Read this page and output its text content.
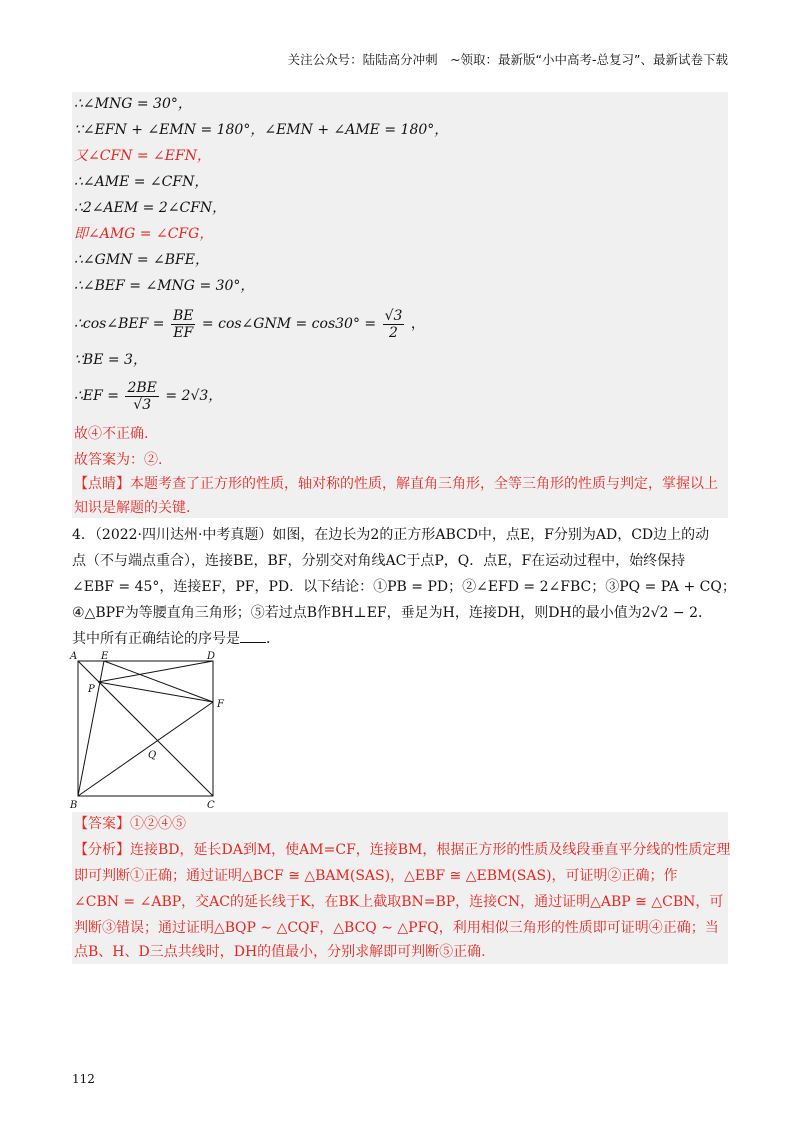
关注公众号：陆陆高分冲刺　~领取：最新版“小中高考-总复习”、最新试卷下载
∴∠MNG = 30°，
∵∠EFN + ∠EMN = 180°，∠EMN + ∠AME = 180°，
又∠CFN = ∠EFN，
∴∠AME = ∠CFN，
∴2∠AEM = 2∠CFN，
即∠AMG = ∠CFG，
∴∠GMN = ∠BFE，
∴∠BEF = ∠MNG = 30°，
∴cos∠BEF = $\frac{BE}{EF}$ = cos∠GNM = $\cos 30^\circ = \frac{√3}{2}$ ，
∵BE = 3，
∴EF = $\frac{2BE}{√3} = 2√3$，
故④不正确.
故答案为：②.
【点睛】本题考查了正方形的性质，轴对称的性质，解直角三角形，全等三角形的性质与判定，掌握以上
知识是解题的关键.
4．（2022·四川达州·中考真题）如图，在边长为2的正方形ABCD中，点E，F分别为AD，CD边上的动
点（不与端点重合），连接BE，BF，分别交对角线AC于点P，Q．点E，F在运动过程中，始终保持
∠EBF = 45°，连接EF，PF，PD．以下结论：①PB = PD；②∠EFD = 2∠FBC；③PQ = PA + CQ；
④△BPF为等腰直角三角形；⑤若过点B作BH⊥EF，垂足为H，连接DH，则DH的最小值为2√2 − 2．
其中所有正确结论的序号是 ．
A E	D
P
F
Q
B	C
【答案】①②④⑤
【分析】连接BD，延长DA到M，使AM=CF，连接BM，根据正方形的性质及线段垂直平分线的性质定理
即可判断①正确；通过证明△BCF ≅ △BAM(SAS)，△EBF ≅ △EBM(SAS)，可证明②正确；作
∠CBN = ∠ABP，交AC的延长线于K，在BK上截取BN=BP，连接CN，通过证明△ABP ≅ △CBN，可
判断③错误；通过证明△BQP ∼ △CQF，△BCQ ∼ △PFQ，利用相似三角形的性质即可证明④正确；当
点B、H、D三点共线时，DH的值最小，分别求解即可判断⑤正确.
112
